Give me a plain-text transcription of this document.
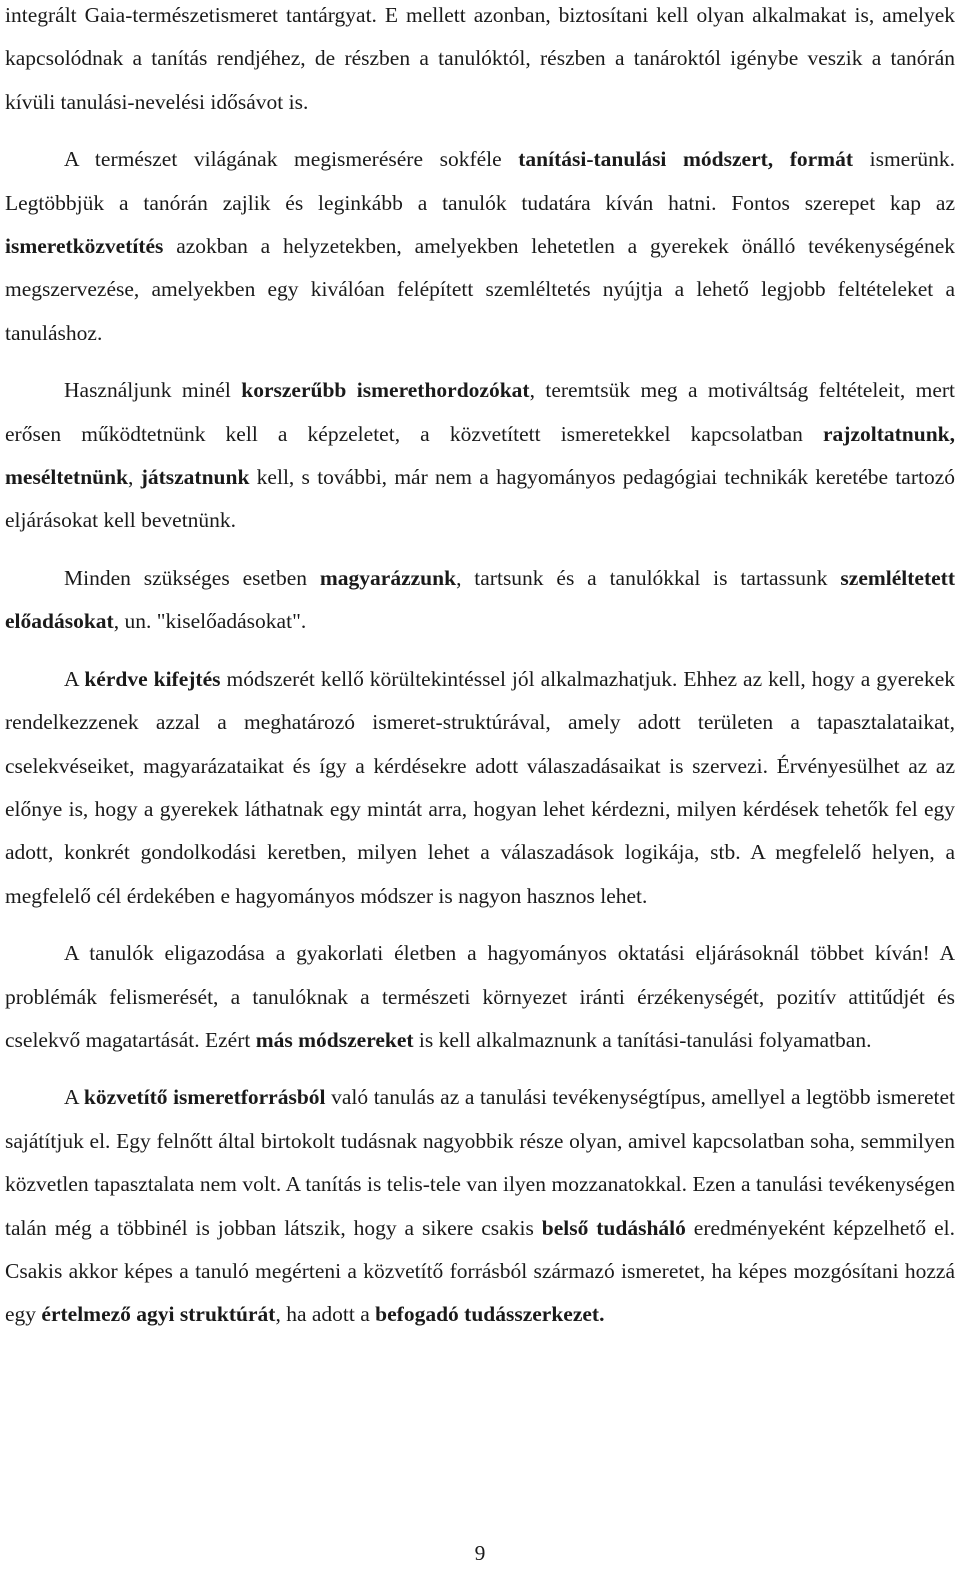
integrált Gaia-természetismeret tantárgyat. E mellett azonban, biztosítani kell olyan alkalmakat is, amelyek kapcsolódnak a tanítás rendjéhez, de részben a tanulóktól, részben a tanároktól igénybe veszik a tanórán kívüli tanulási-nevelési idősávot is.

A természet világának megismerésére sokféle tanítási-tanulási módszert, formát ismerünk. Legtöbbjük a tanórán zajlik és leginkább a tanulók tudatára kíván hatni. Fontos szerepet kap az ismeretközvetítés azokban a helyzetekben, amelyekben lehetetlen a gyerekek önálló tevékenységének megszervezése, amelyekben egy kiválóan felépített szemléltetés nyújtja a lehető legjobb feltételeket a tanuláshoz.

Használjunk minél korszerűbb ismerethordozókat, teremtsük meg a motiváltság feltételeit, mert erősen működtetnünk kell a képzeletet, a közvetített ismeretekkel kapcsolatban rajzoltatnunk, meséltetnünk, játszatnunk kell, s további, már nem a hagyományos pedagógiai technikák keretébe tartozó eljárásokat kell bevetnünk.

Minden szükséges esetben magyarázzunk, tartsunk és a tanulókkal is tartassunk szemléltetett előadásokat, un. "kiselőadásokat".

A kérdve kifejtés módszerét kellő körültekintéssel jól alkalmazhatjuk. Ehhez az kell, hogy a gyerekek rendelkezzenek azzal a meghatározó ismeret-struktúrával, amely adott területen a tapasztalataikat, cselekvéseiket, magyarázataikat és így a kérdésekre adott válaszadásaikat is szervezi. Érvényesülhet az az előnye is, hogy a gyerekek láthatnak egy mintát arra, hogyan lehet kérdezni, milyen kérdések tehetők fel egy adott, konkrét gondolkodási keretben, milyen lehet a válaszadások logikája, stb. A megfelelő helyen, a megfelelő cél érdekében e hagyományos módszer is nagyon hasznos lehet.

A tanulók eligazodása a gyakorlati életben a hagyományos oktatási eljárásoknál többet kíván! A problémák felismerését, a tanulóknak a természeti környezet iránti érzékenységét, pozitív attitűdjét és cselekvő magatartását. Ezért más módszereket is kell alkalmaznunk a tanítási-tanulási folyamatban.

A közvetítő ismeretforrásból való tanulás az a tanulási tevékenységtípus, amellyel a legtöbb ismeretet sajátítjuk el. Egy felnőtt által birtokolt tudásnak nagyobbik része olyan, amivel kapcsolatban soha, semmilyen közvetlen tapasztalata nem volt. A tanítás is telis-tele van ilyen mozzanatokkal. Ezen a tanulási tevékenységen talán még a többinél is jobban látszik, hogy a sikere csakis belső tudásháló eredményeként képzelhető el. Csakis akkor képes a tanuló megérteni a közvetítő forrásból származó ismeretet, ha képes mozgósítani hozzá egy értelmező agyi struktúrát, ha adott a befogadó tudásszerkezet.

9
